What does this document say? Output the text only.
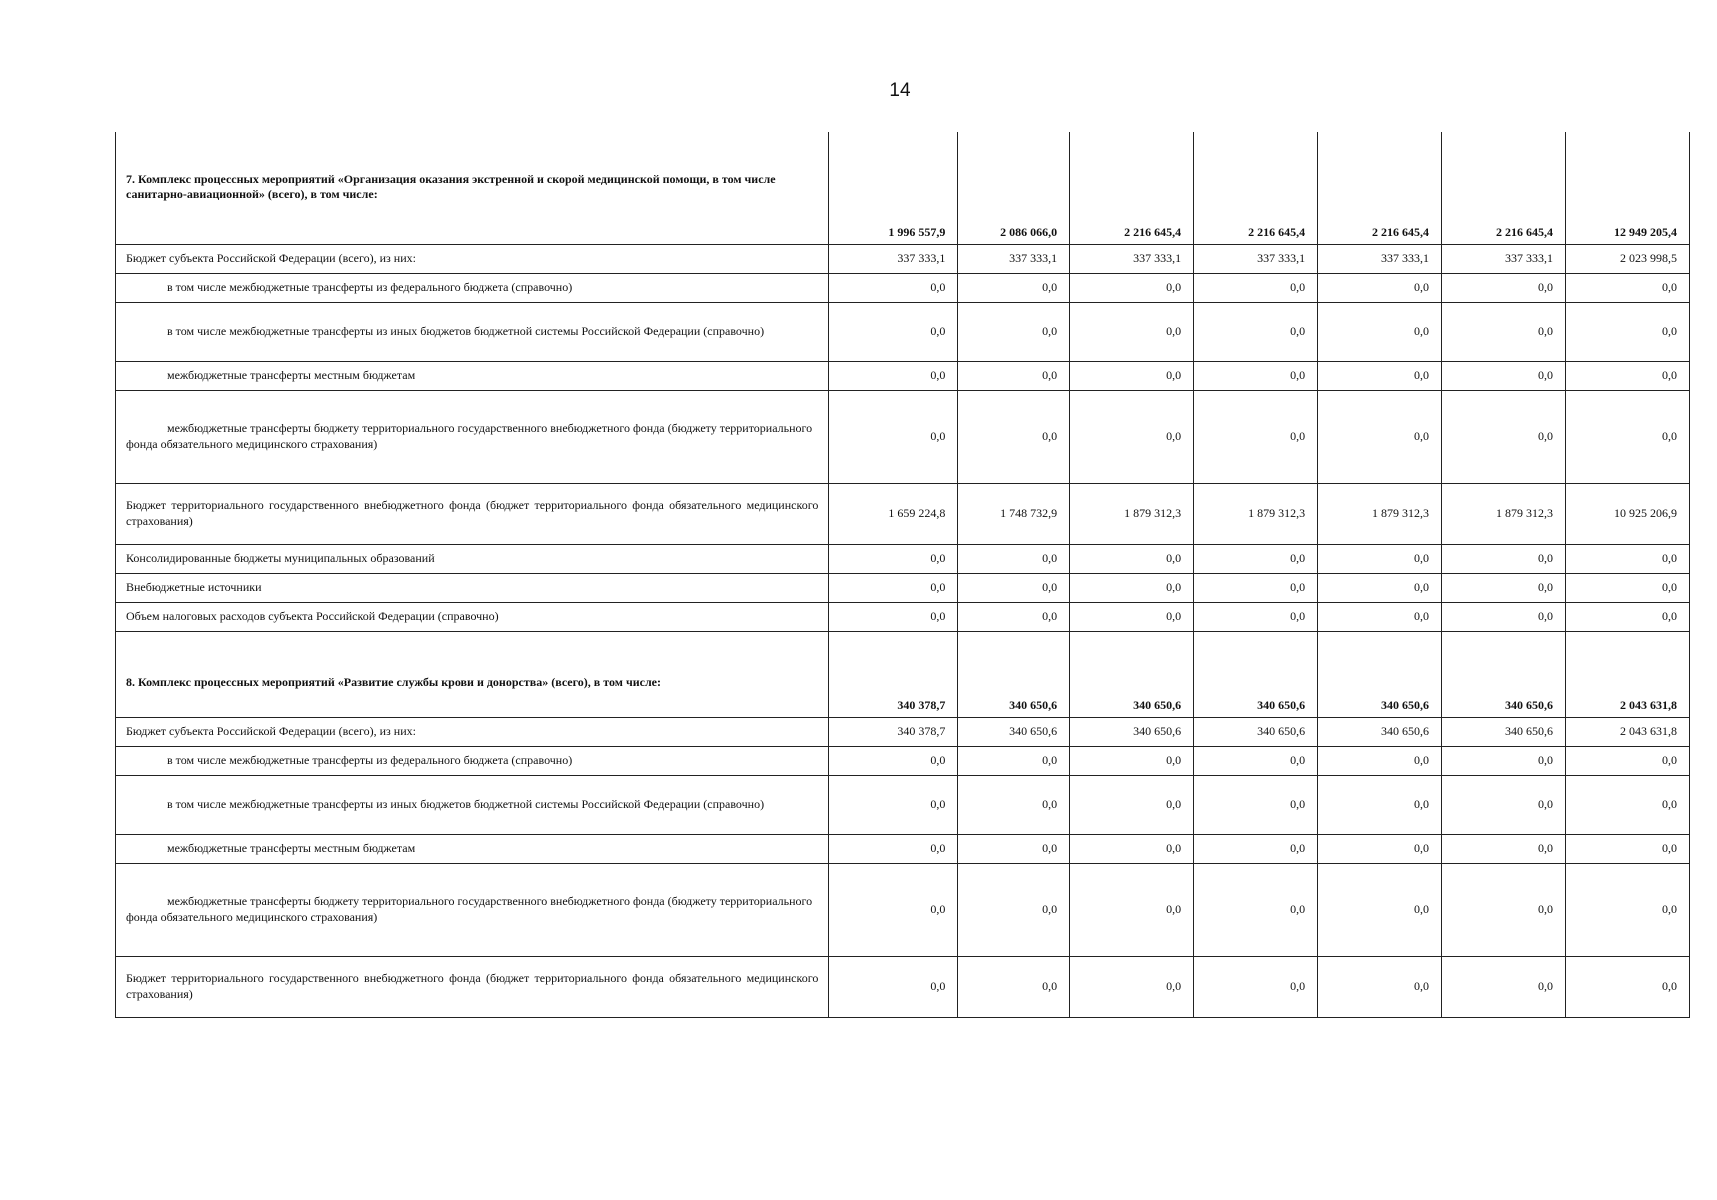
14
7. Комплекс процессных мероприятий «Организация оказания экстренной и скорой медицинской помощи, в том числе санитарно-авиационной» (всего), в том числе:	1 996 557,9	2 086 066,0	2 216 645,4	2 216 645,4	2 216 645,4	2 216 645,4	12 949 205,4
Бюджет субъекта Российской Федерации (всего), из них:	337 333,1	337 333,1	337 333,1	337 333,1	337 333,1	337 333,1	2 023 998,5
в том числе межбюджетные трансферты из федерального бюджета (справочно)	0,0	0,0	0,0	0,0	0,0	0,0	0,0
в том числе межбюджетные трансферты из иных бюджетов бюджетной системы Российской Федерации (справочно)	0,0	0,0	0,0	0,0	0,0	0,0	0,0
межбюджетные трансферты местным бюджетам	0,0	0,0	0,0	0,0	0,0	0,0	0,0
межбюджетные трансферты бюджету территориального государственного внебюджетного фонда (бюджету территориального фонда обязательного медицинского страхования)	0,0	0,0	0,0	0,0	0,0	0,0	0,0
Бюджет территориального государственного внебюджетного фонда (бюджет территориального фонда обязательного медицинского страхования)	1 659 224,8	1 748 732,9	1 879 312,3	1 879 312,3	1 879 312,3	1 879 312,3	10 925 206,9
Консолидированные бюджеты муниципальных образований	0,0	0,0	0,0	0,0	0,0	0,0	0,0
Внебюджетные источники	0,0	0,0	0,0	0,0	0,0	0,0	0,0
Объем налоговых расходов субъекта Российской Федерации (справочно)	0,0	0,0	0,0	0,0	0,0	0,0	0,0
8. Комплекс процессных мероприятий «Развитие службы крови и донорства» (всего), в том числе:	340 378,7	340 650,6	340 650,6	340 650,6	340 650,6	340 650,6	2 043 631,8
Бюджет субъекта Российской Федерации (всего), из них:	340 378,7	340 650,6	340 650,6	340 650,6	340 650,6	340 650,6	2 043 631,8
в том числе межбюджетные трансферты из федерального бюджета (справочно)	0,0	0,0	0,0	0,0	0,0	0,0	0,0
в том числе межбюджетные трансферты из иных бюджетов бюджетной системы Российской Федерации (справочно)	0,0	0,0	0,0	0,0	0,0	0,0	0,0
межбюджетные трансферты местным бюджетам	0,0	0,0	0,0	0,0	0,0	0,0	0,0
межбюджетные трансферты бюджету территориального государственного внебюджетного фонда (бюджету территориального фонда обязательного медицинского страхования)	0,0	0,0	0,0	0,0	0,0	0,0	0,0
Бюджет территориального государственного внебюджетного фонда (бюджет территориального фонда обязательного медицинского страхования)	0,0	0,0	0,0	0,0	0,0	0,0	0,0
